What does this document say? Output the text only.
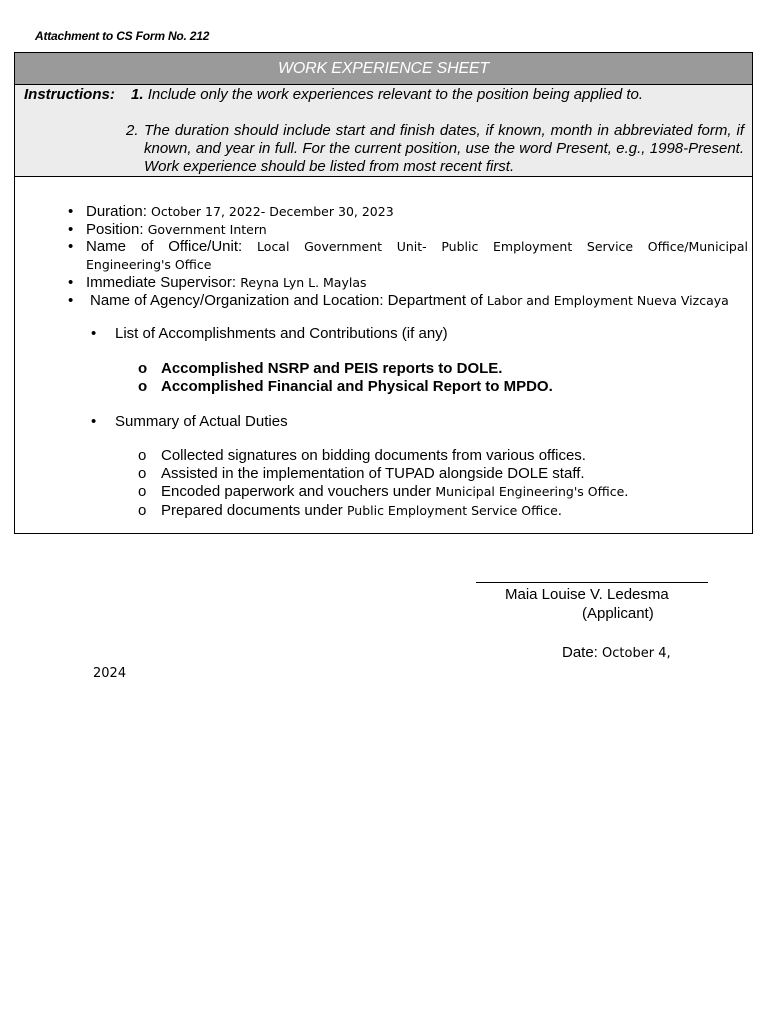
Attachment to CS Form No. 212
WORK EXPERIENCE SHEET
Instructions: 1. Include only the work experiences relevant to the position being applied to.
2. The duration should include start and finish dates, if known, month in abbreviated form, if known, and year in full. For the current position, use the word Present, e.g., 1998-Present. Work experience should be listed from most recent first.
• Duration: October 17, 2022- December 30, 2023
• Position: Government Intern
• Name of Office/Unit: Local Government Unit- Public Employment Service Office/Municipal
Engineering's Office
• Immediate Supervisor: Reyna Lyn L. Maylas
• Name of Agency/Organization and Location: Department of Labor and Employment Nueva Vizcaya
• List of Accomplishments and Contributions (if any)
o Accomplished NSRP and PEIS reports to DOLE.
o Accomplished Financial and Physical Report to MPDO.
• Summary of Actual Duties
o Collected signatures on bidding documents from various offices.
o Assisted in the implementation of TUPAD alongside DOLE staff.
o Encoded paperwork and vouchers under Municipal Engineering's Office.
o Prepared documents under Public Employment Service Office.
Maia Louise V. Ledesma
(Applicant)
Date: October 4,
2024
